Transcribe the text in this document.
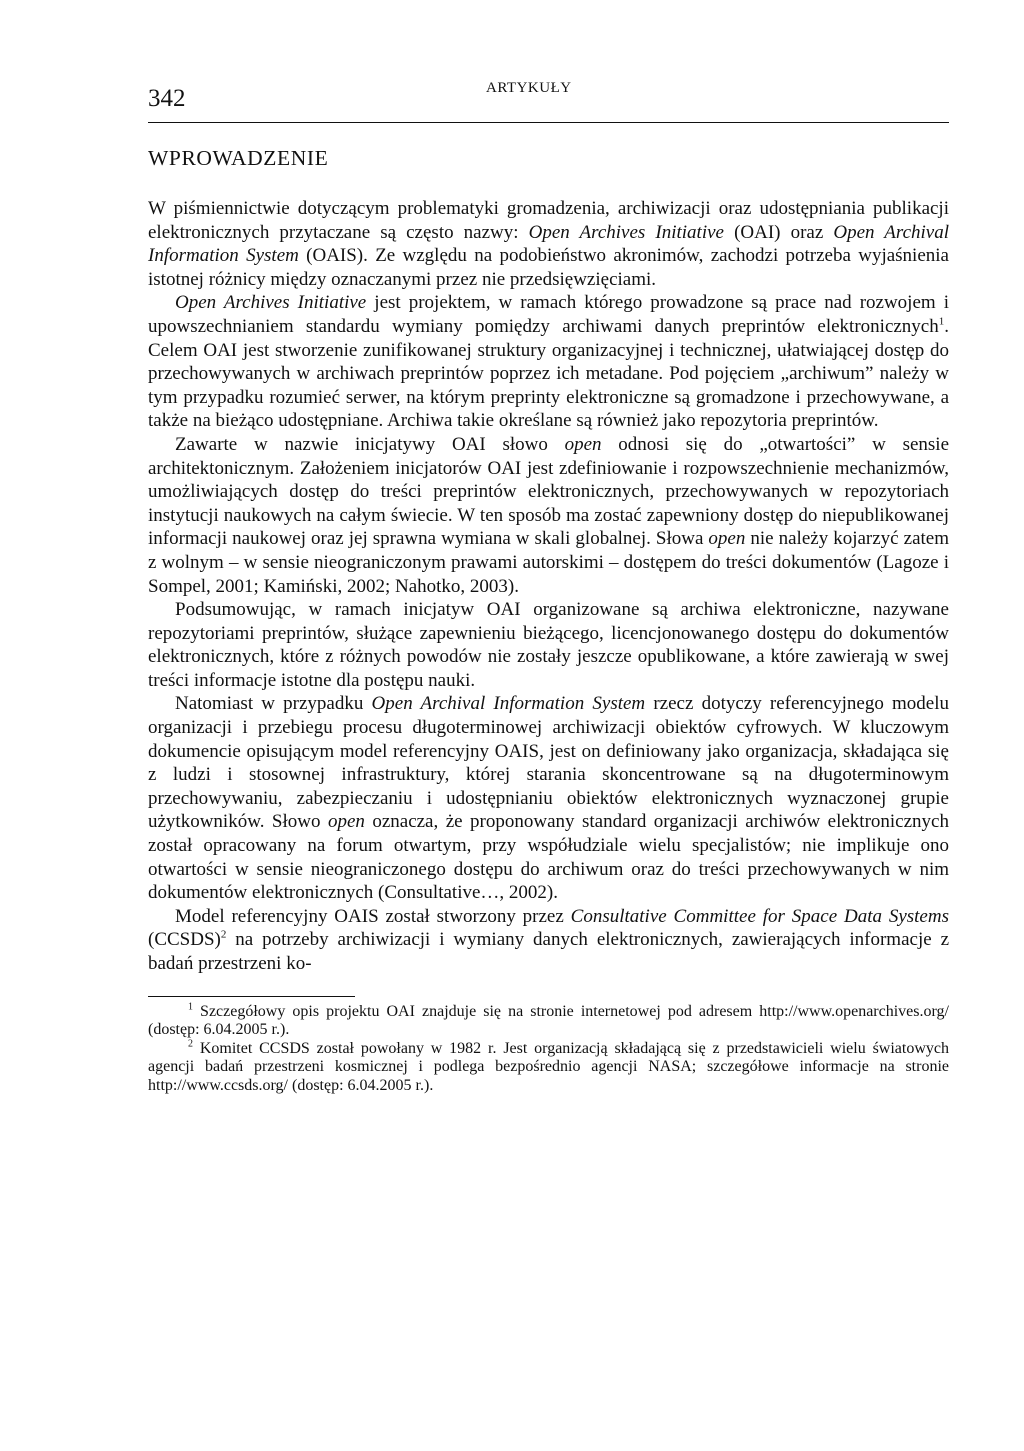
342	ARTYKUŁY
WPROWADZENIE

W piśmiennictwie dotyczącym problematyki gromadzenia, archiwizacji oraz udostępniania publikacji elektronicznych przytaczane są często nazwy: Open Archives Initiative (OAI) oraz Open Archival Information System (OAIS). Ze względu na podobieństwo akronimów, zachodzi potrzeba wyjaśnienia istotnej różnicy między oznaczanymi przez nie przedsięwzięciami.

Open Archives Initiative jest projektem, w ramach którego prowadzone są prace nad rozwojem i upowszechnianiem standardu wymiany pomiędzy archiwami danych preprintów elektronicznych$^1$. Celem OAI jest stworzenie zunifikowanej struktury organizacyjnej i technicznej, ułatwiającej dostęp do przechowywanych w archiwach preprintów poprzez ich metadane. Pod pojęciem „archiwum” należy w tym przypadku rozumieć serwer, na którym preprinty elektroniczne są gromadzone i przechowywane, a także na bieżąco udostępniane. Archiwa takie określane są również jako repozytoria preprintów.

Zawarte w nazwie inicjatywy OAI słowo open odnosi się do „otwartości” w sensie architektonicznym. Założeniem inicjatorów OAI jest zdefiniowanie i rozpowszechnienie mechanizmów, umożliwiających dostęp do treści preprintów elektronicznych, przechowywanych w repozytoriach instytucji naukowych na całym świecie. W ten sposób ma zostać zapewniony dostęp do niepublikowanej informacji naukowej oraz jej sprawna wymiana w skali globalnej. Słowa open nie należy kojarzyć zatem z wolnym – w sensie nieograniczonym prawami autorskimi – dostępem do treści dokumentów (Lagoze i Sompel, 2001; Kamiński, 2002; Nahotko, 2003).

Podsumowując, w ramach inicjatyw OAI organizowane są archiwa elektroniczne, nazywane repozytoriami preprintów, służące zapewnieniu bieżącego, licencjonowanego dostępu do dokumentów elektronicznych, które z różnych powodów nie zostały jeszcze opublikowane, a które zawierają w swej treści informacje istotne dla postępu nauki.

Natomiast w przypadku Open Archival Information System rzecz dotyczy referencyjnego modelu organizacji i przebiegu procesu długoterminowej archiwizacji obiektów cyfrowych. W kluczowym dokumencie opisującym model referencyjny OAIS, jest on definiowany jako organizacja, składająca się z ludzi i stosownej infrastruktury, której starania skoncentrowane są na długoterminowym przechowywaniu, zabezpieczaniu i udostępnianiu obiektów elektronicznych wyznaczonej grupie użytkowników. Słowo open oznacza, że proponowany standard organizacji archiwów elektronicznych został opracowany na forum otwartym, przy współudziale wielu specjalistów; nie implikuje ono otwartości w sensie nieograniczonego dostępu do archiwum oraz do treści przechowywanych w nim dokumentów elektronicznych (Consultative…, 2002).

Model referencyjny OAIS został stworzony przez Consultative Committee for Space Data Systems (CCSDS)$^2$ na potrzeby archiwizacji i wymiany danych elektronicznych, zawierających informacje z badań przestrzeni ko-

$^1$ Szczegółowy opis projektu OAI znajduje się na stronie internetowej pod adresem http://www.openarchives.org/ (dostęp: 6.04.2005 r.).

$^2$ Komitet CCSDS został powołany w 1982 r. Jest organizacją składającą się z przedstawicieli wielu światowych agencji badań przestrzeni kosmicznej i podlega bezpośrednio agencji NASA; szczegółowe informacje na stronie http://www.ccsds.org/ (dostęp: 6.04.2005 r.).
